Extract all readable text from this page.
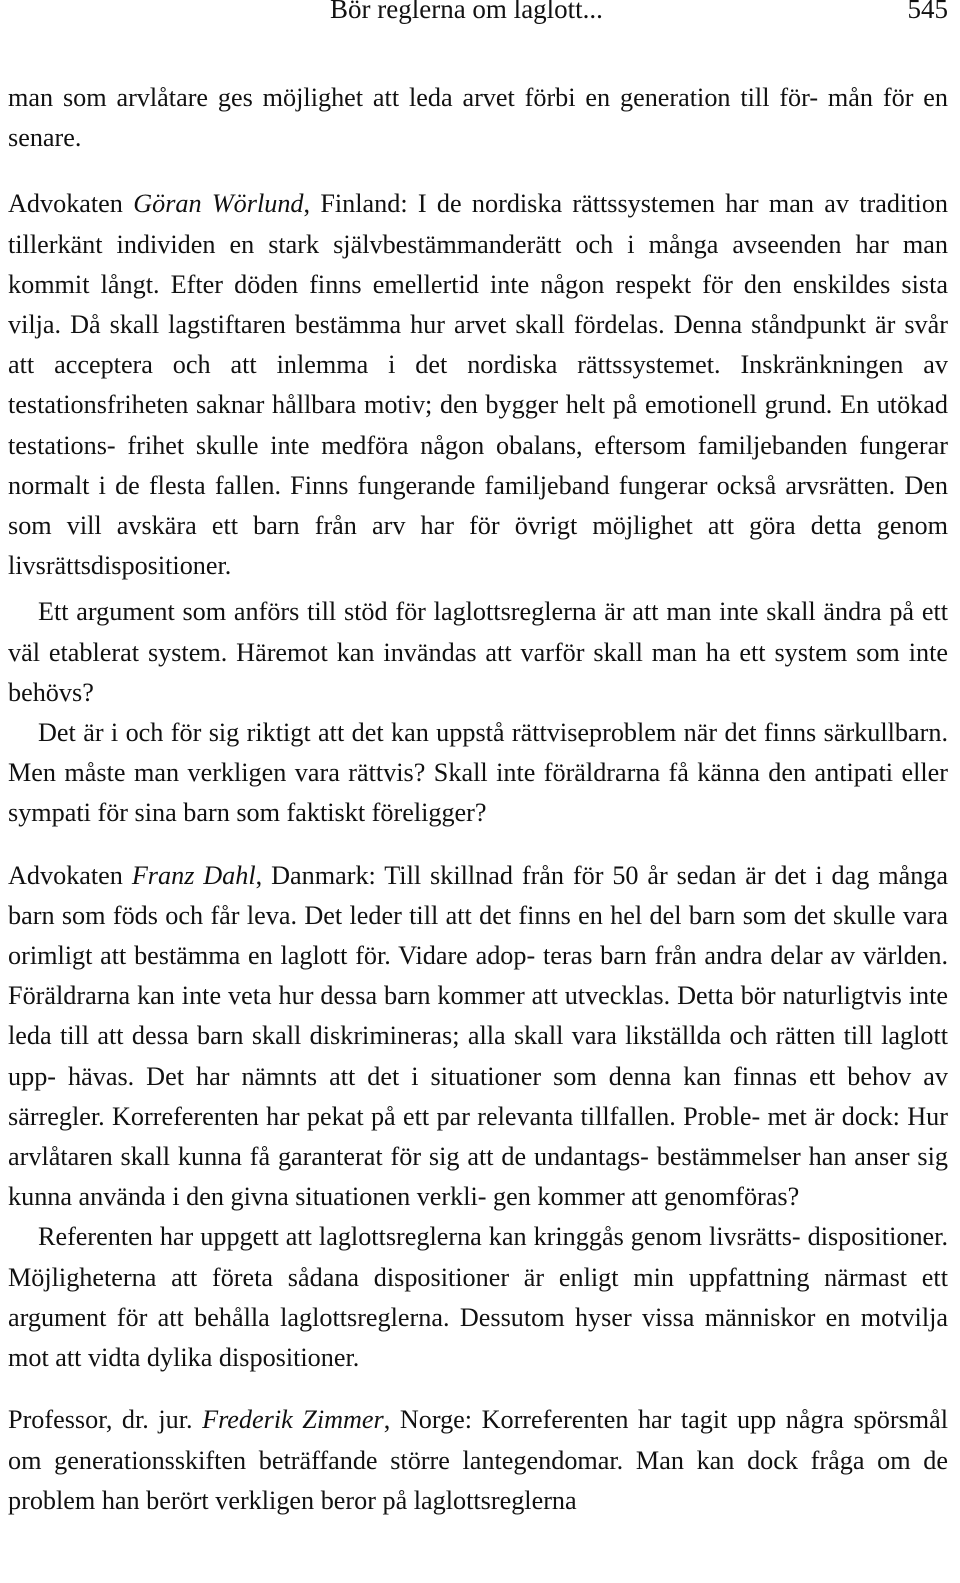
Bör reglerna om laglott...	545

man som arvlåtare ges möjlighet att leda arvet förbi en generation till för- mån för en senare.

Advokaten Göran Wörlund, Finland: I de nordiska rättssystemen har man av tradition tillerkänt individen en stark självbestämmanderätt och i många avseenden har man kommit långt. Efter döden finns emellertid inte någon respekt för den enskildes sista vilja. Då skall lagstiftaren bestämma hur arvet skall fördelas. Denna ståndpunkt är svår att acceptera och att inlemma i det nordiska rättssystemet. Inskränkningen av testationsfriheten saknar hållbara motiv; den bygger helt på emotionell grund. En utökad testations- frihet skulle inte medföra någon obalans, eftersom familjebanden fungerar normalt i de flesta fallen. Finns fungerande familjeband fungerar också arvsrätten. Den som vill avskära ett barn från arv har för övrigt möjlighet att göra detta genom livsrättsdispositioner.

Ett argument som anförs till stöd för laglottsreglerna är att man inte skall ändra på ett väl etablerat system. Häremot kan invändas att varför skall man ha ett system som inte behövs?

Det är i och för sig riktigt att det kan uppstå rättviseproblem när det finns särkullbarn. Men måste man verkligen vara rättvis? Skall inte föräldrarna få känna den antipati eller sympati för sina barn som faktiskt föreligger?

Advokaten Franz Dahl, Danmark: Till skillnad från för 50 år sedan är det i dag många barn som föds och får leva. Det leder till att det finns en hel del barn som det skulle vara orimligt att bestämma en laglott för. Vidare adop- teras barn från andra delar av världen. Föräldrarna kan inte veta hur dessa barn kommer att utvecklas. Detta bör naturligtvis inte leda till att dessa barn skall diskrimineras; alla skall vara likställda och rätten till laglott upp- hävas. Det har nämnts att det i situationer som denna kan finnas ett behov av särregler. Korreferenten har pekat på ett par relevanta tillfallen. Proble- met är dock: Hur arvlåtaren skall kunna få garanterat för sig att de undantags- bestämmelser han anser sig kunna använda i den givna situationen verkli- gen kommer att genomföras?

Referenten har uppgett att laglottsreglerna kan kringgås genom livsrätts- dispositioner. Möjligheterna att företa sådana dispositioner är enligt min uppfattning närmast ett argument för att behålla laglottsreglerna. Dessutom hyser vissa människor en motvilja mot att vidta dylika dispositioner.

Professor, dr. jur. Frederik Zimmer, Norge: Korreferenten har tagit upp några spörsmål om generationsskiften beträffande större lantegendomar. Man kan dock fråga om de problem han berört verkligen beror på laglottsreglerna
